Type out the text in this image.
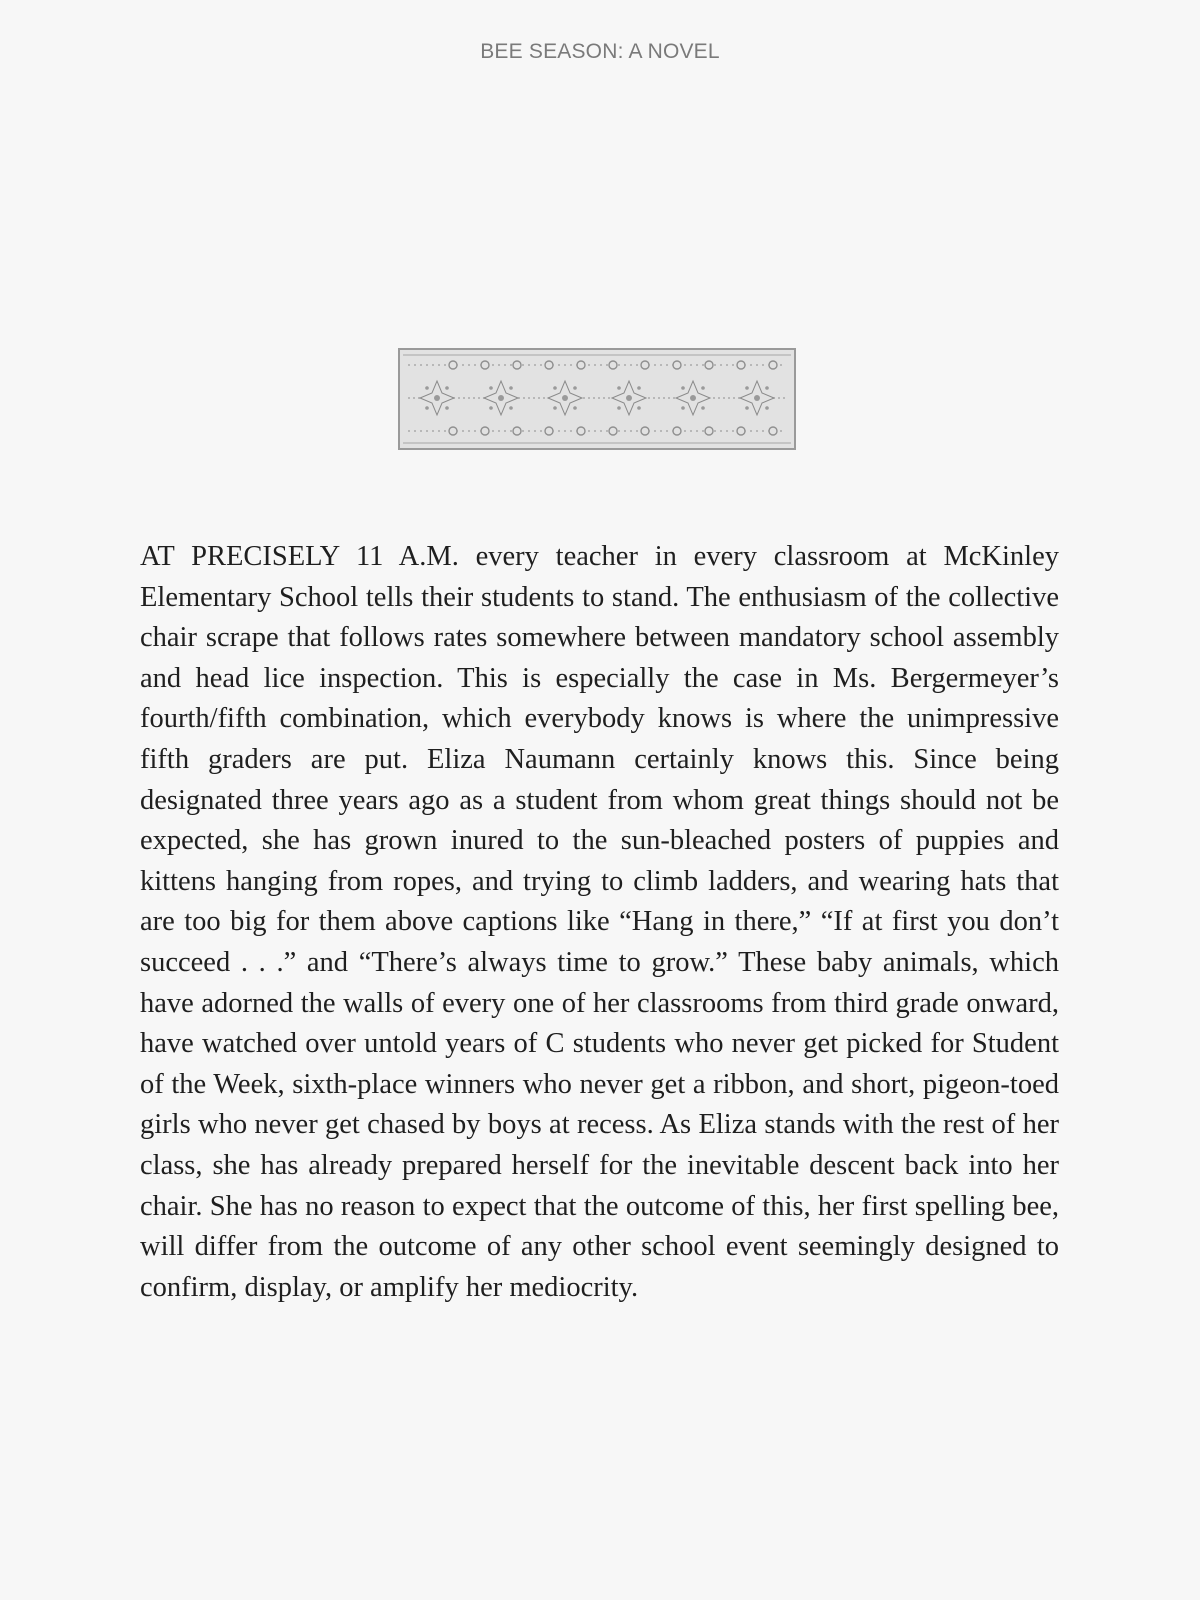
BEE SEASON: A NOVEL

AT PRECISELY 11 A.M. every teacher in every classroom at McKinley Elementary School tells their students to stand. The enthusiasm of the collective chair scrape that follows rates somewhere between mandatory school assembly and head lice inspection. This is especially the case in Ms. Bergermeyer’s fourth/fifth combination, which everybody knows is where the unimpressive fifth graders are put. Eliza Naumann certainly knows this. Since being designated three years ago as a student from whom great things should not be expected, she has grown inured to the sun-bleached posters of puppies and kittens hanging from ropes, and trying to climb ladders, and wearing hats that are too big for them above captions like “Hang in there,” “If at first you don’t succeed . . .” and “There’s always time to grow.” These baby animals, which have adorned the walls of every one of her classrooms from third grade onward, have watched over untold years of C students who never get picked for Student of the Week, sixth-place winners who never get a ribbon, and short, pigeon-toed girls who never get chased by boys at recess. As Eliza stands with the rest of her class, she has already prepared herself for the inevitable descent back into her chair. She has no reason to expect that the outcome of this, her first spelling bee, will differ from the outcome of any other school event seemingly designed to confirm, display, or amplify her mediocrity.
